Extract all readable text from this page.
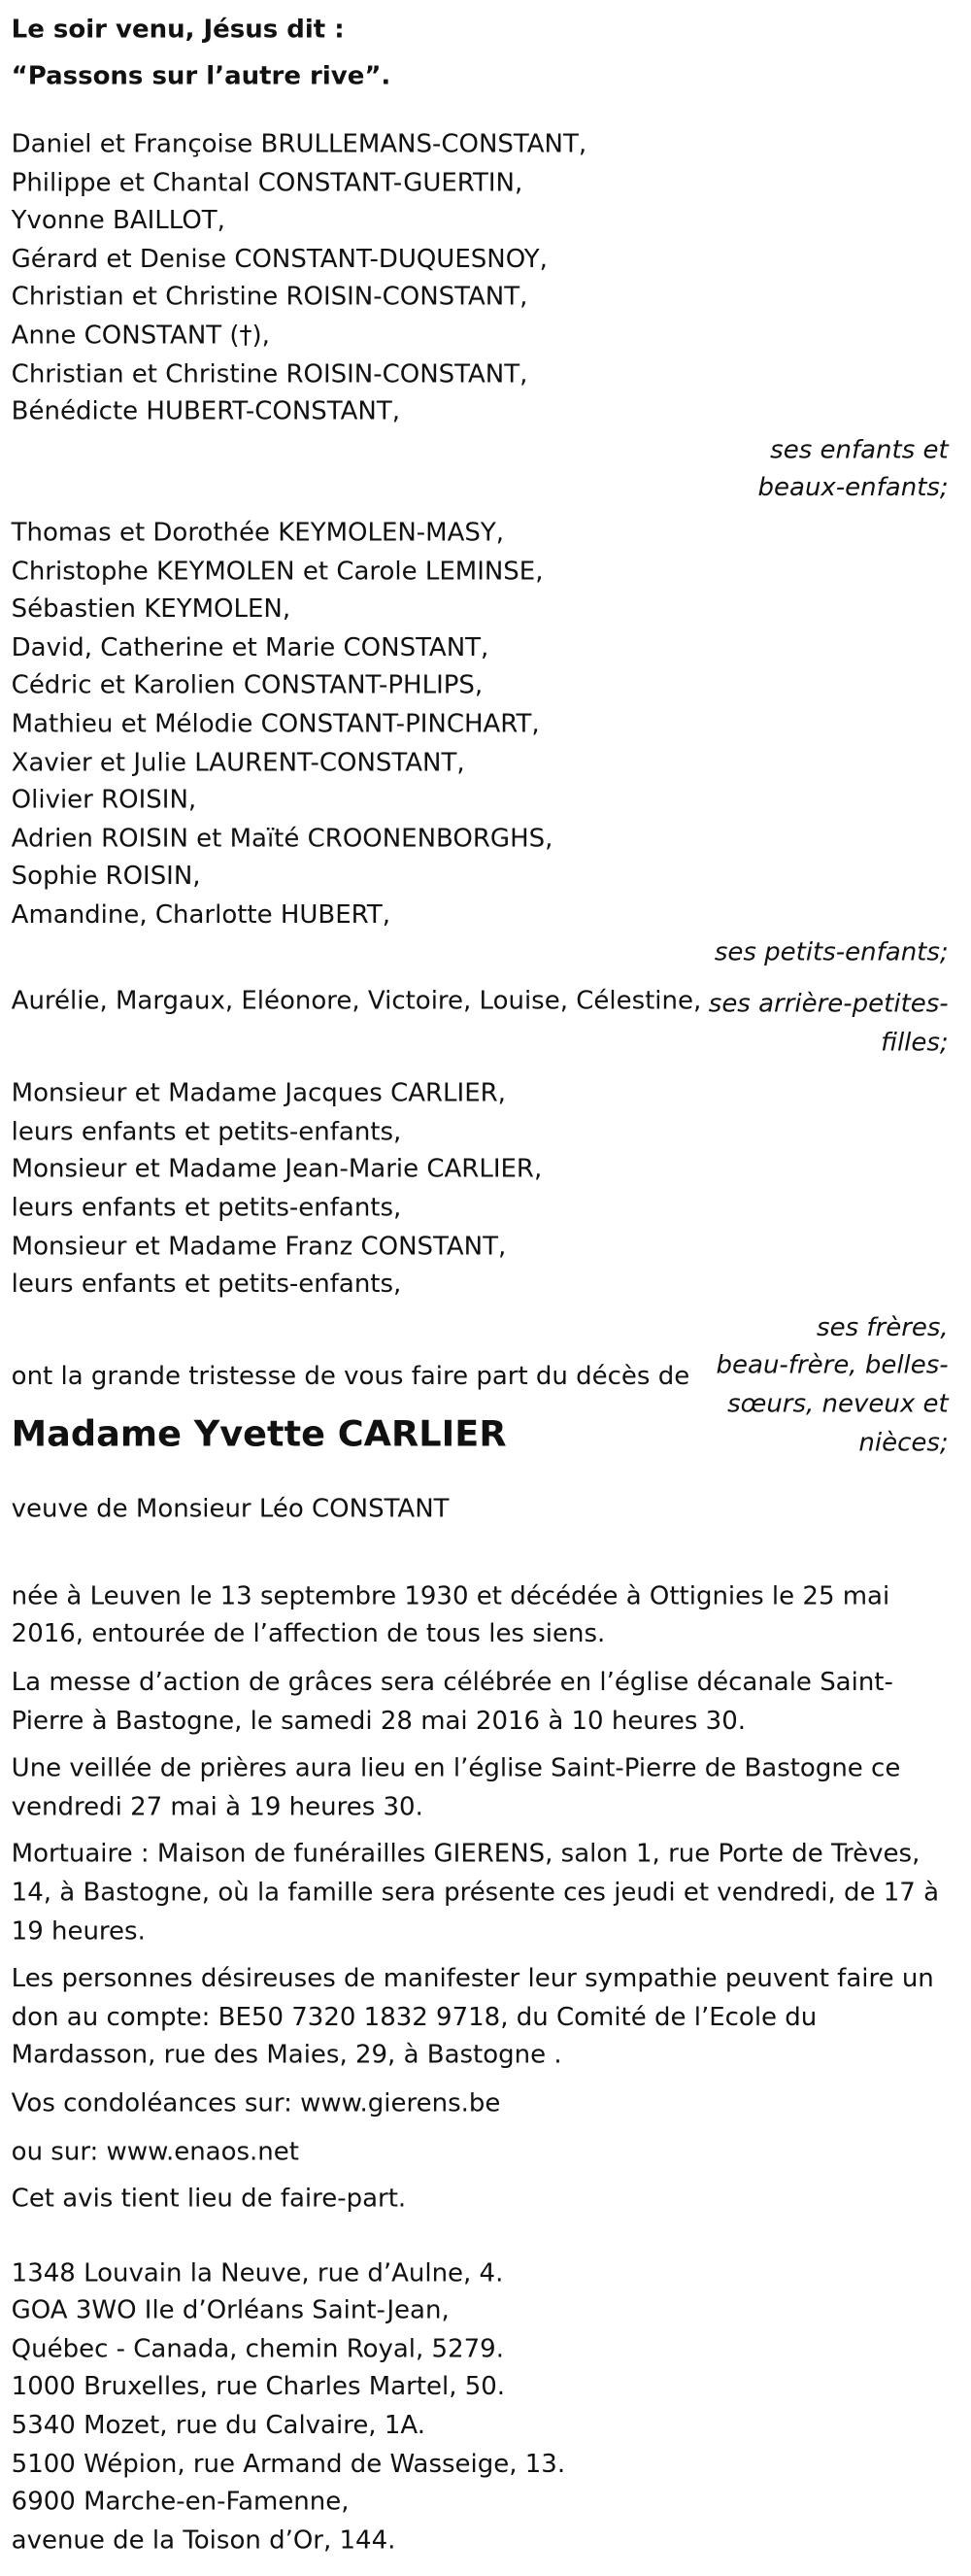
Le soir venu, Jésus dit :

“Passons sur l’autre rive”.

Daniel et Françoise BRULLEMANS-CONSTANT,
Philippe et Chantal CONSTANT-GUERTIN,
Yvonne BAILLOT,
Gérard et Denise CONSTANT-DUQUESNOY,
Christian et Christine ROISIN-CONSTANT,
Anne CONSTANT (†),
Christian et Christine ROISIN-CONSTANT,
Bénédicte HUBERT-CONSTANT,
ses enfants et
beaux-enfants;
Thomas et Dorothée KEYMOLEN-MASY,
Christophe KEYMOLEN et Carole LEMINSE,
Sébastien KEYMOLEN,
David, Catherine et Marie CONSTANT,
Cédric et Karolien CONSTANT-PHLIPS,
Mathieu et Mélodie CONSTANT-PINCHART,
Xavier et Julie LAURENT-CONSTANT,
Olivier ROISIN,
Adrien ROISIN et Maïté CROONENBORGHS,
Sophie ROISIN,
Amandine, Charlotte HUBERT,
ses petits-enfants;
Aurélie, Margaux, Eléonore, Victoire, Louise, Célestine, ses arrière-petites-
filles;
Monsieur et Madame Jacques CARLIER,
leurs enfants et petits-enfants,
Monsieur et Madame Jean-Marie CARLIER,
leurs enfants et petits-enfants,
Monsieur et Madame Franz CONSTANT,
leurs enfants et petits-enfants,
ont la grande tristesse de vous faire part du décès de

Madame Yvette CARLIER

ses frères,
beau-frère, belles-
sœurs, neveux et
nièces;

veuve de Monsieur Léo CONSTANT

née à Leuven le 13 septembre 1930 et décédée à Ottignies le 25 mai
2016, entourée de l’affection de tous les siens.

La messe d’action de grâces sera célébrée en l’église décanale Saint-
Pierre à Bastogne, le samedi 28 mai 2016 à 10 heures 30.

Une veillée de prières aura lieu en l’église Saint-Pierre de Bastogne ce
vendredi 27 mai à 19 heures 30.

Mortuaire : Maison de funérailles GIERENS, salon 1, rue Porte de Trèves,
14, à Bastogne, où la famille sera présente ces jeudi et vendredi, de 17 à
19 heures.

Les personnes désireuses de manifester leur sympathie peuvent faire un
don au compte: BE50 7320 1832 9718, du Comité de l’Ecole du
Mardasson, rue des Maies, 29, à Bastogne .

Vos condoléances sur: www.gierens.be

ou sur: www.enaos.net

Cet avis tient lieu de faire-part.

1348 Louvain la Neuve, rue d’Aulne, 4.
GOA 3WO Ile d’Orléans Saint-Jean,
Québec - Canada, chemin Royal, 5279.
1000 Bruxelles, rue Charles Martel, 50.
5340 Mozet, rue du Calvaire, 1A.
5100 Wépion, rue Armand de Wasseige, 13.
6900 Marche-en-Famenne,
avenue de la Toison d’Or, 144.
